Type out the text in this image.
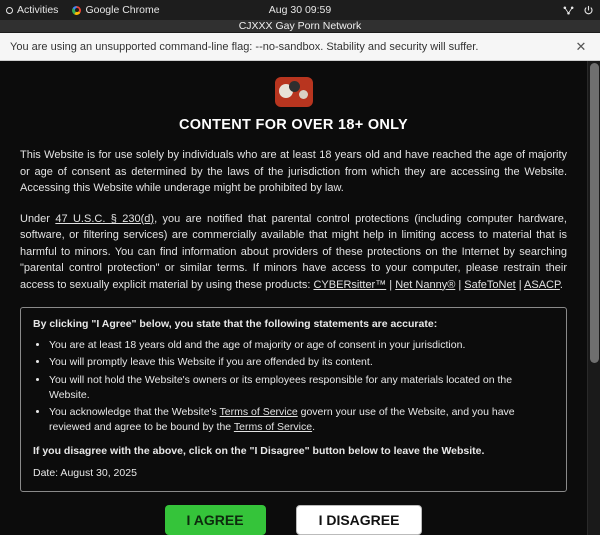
Activities	Google Chrome	Aug 30 09:59
CJXXX Gay Porn Network
You are using an unsupported command-line flag: --no-sandbox. Stability and security will suffer.	✕
CONTENT FOR OVER 18+ ONLY

This Website is for use solely by individuals who are at least 18 years old and have reached the age of majority or age of consent as determined by the laws of the jurisdiction from which they are accessing the Website. Accessing this Website while underage might be prohibited by law.

Under 47 U.S.C. § 230(d), you are notified that parental control protections (including computer hardware, software, or filtering services) are commercially available that might help in limiting access to material that is harmful to minors. You can find information about providers of these protections on the Internet by searching "parental control protection" or similar terms. If minors have access to your computer, please restrain their access to sexually explicit material by using these products: CYBERsitter™ | Net Nanny® | SafeToNet | ASACP.

By clicking "I Agree" below, you state that the following statements are accurate:

• You are at least 18 years old and the age of majority or age of consent in your jurisdiction.
• You will promptly leave this Website if you are offended by its content.
• You will not hold the Website's owners or its employees responsible for any materials located on the Website.
• You acknowledge that the Website's Terms of Service govern your use of the Website, and you have reviewed and agree to be bound by the Terms of Service.

If you disagree with the above, click on the "I Disagree" button below to leave the Website.

Date: August 30, 2025

I AGREE	I DISAGREE
